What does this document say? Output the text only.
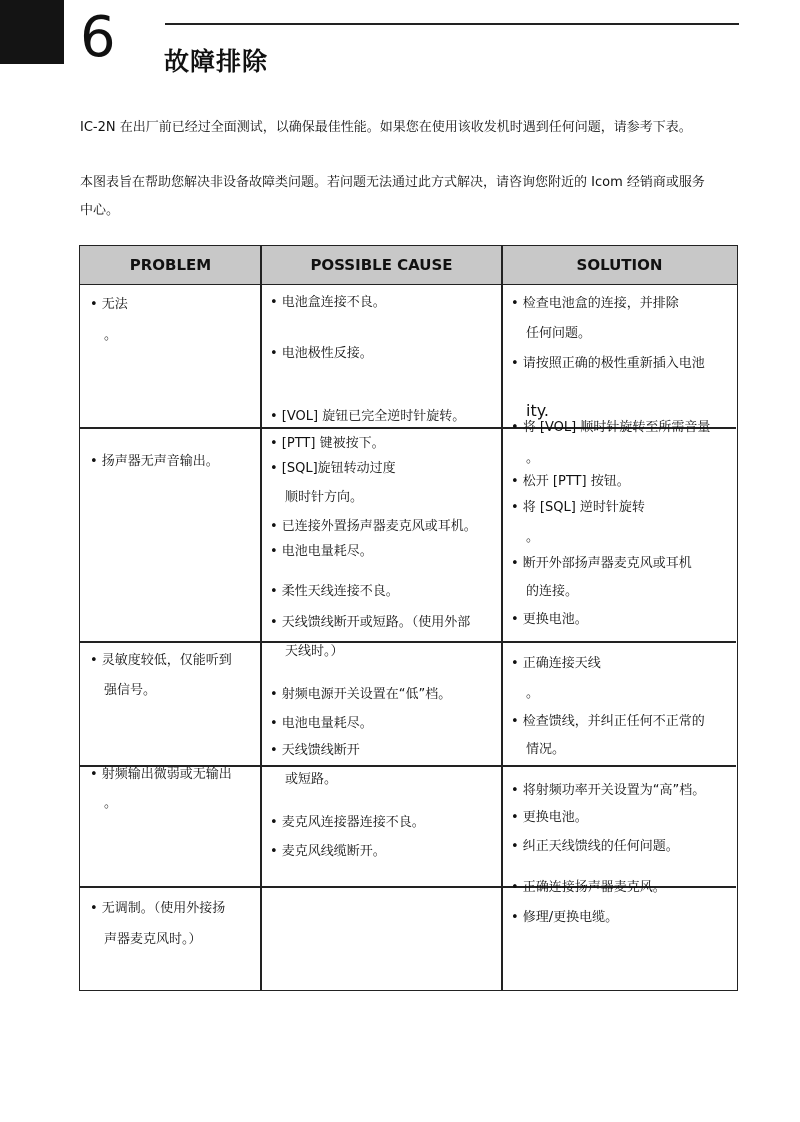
6 故障排除
IC-2N 在出厂前已经过全面测试，以确保最佳性能。如果您在使用该收发机时遇到任何问题，请参考下表。
本图表旨在帮助您解决非设备故障类问题。若问题无法通过此方式解决，请咨询您附近的 Icom 经销商或服务
中心。
PROBLEM	POSSIBLE CAUSE	SOLUTION
• 无法
。
• 扬声器无声音输出。
• 灵敏度较低，仅能听到
强信号。
• 射频输出微弱或无输出
。
• 无调制。（使用外接扬
声器麦克风时。）
• 电池盒连接不良。
• 电池极性反接。
• [VOL] 旋钮已完全逆时针旋转。
• [PTT] 键被按下。
• [SQL]旋钮转动过度
顺时针方向。
• 已连接外置扬声器麦克风或耳机。
• 电池电量耗尽。
• 柔性天线连接不良。
• 天线馈线断开或短路。（使用外部
天线时。）
• 射频电源开关设置在“低”档。
• 电池电量耗尽。
• 天线馈线断开
或短路。
• 麦克风连接器连接不良。
• 麦克风线缆断开。
• 检查电池盒的连接，并排除
任何问题。
• 请按照正确的极性重新插入电池
ity.
• 将 [VOL] 顺时针旋转至所需音量
。
• 松开 [PTT] 按钮。
• 将 [SQL] 逆时针旋转
。
• 断开外部扬声器麦克风或耳机
的连接。
• 更换电池。
• 正确连接天线
。
• 检查馈线，并纠正任何不正常的
情况。
• 将射频功率开关设置为“高”档。
• 更换电池。
• 纠正天线馈线的任何问题。
• 正确连接扬声器麦克风。
• 修理/更换电缆。
